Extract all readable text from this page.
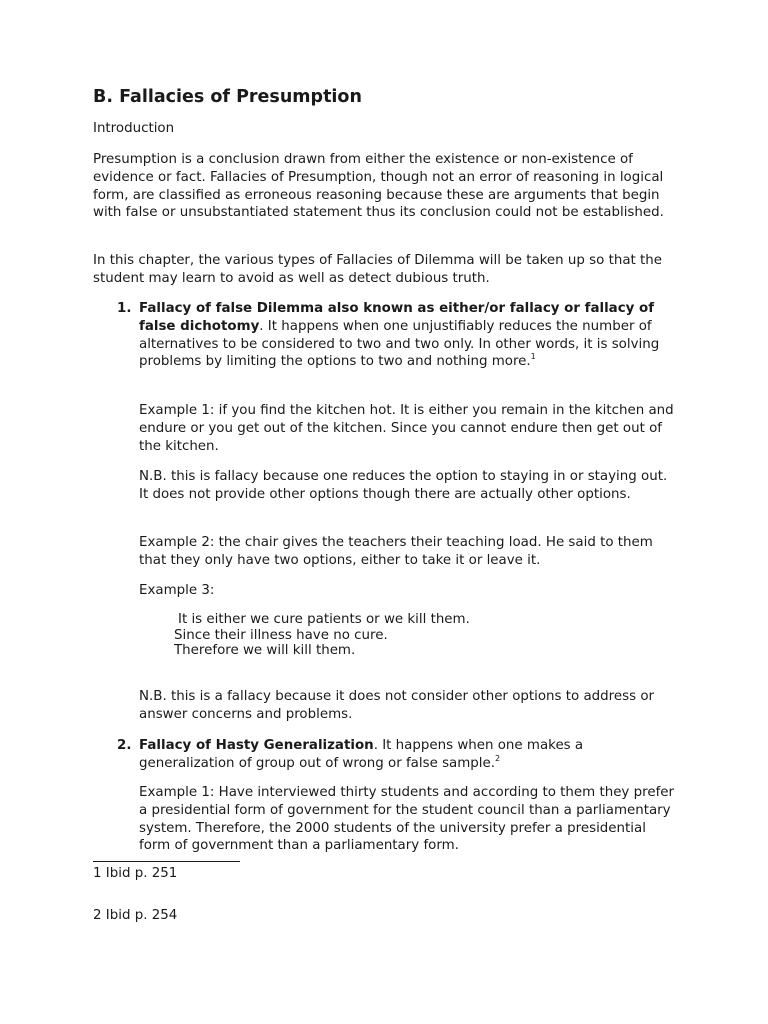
B. Fallacies of Presumption

Introduction

Presumption is a conclusion drawn from either the existence or non-existence of evidence or fact. Fallacies of Presumption, though not an error of reasoning in logical form, are classified as erroneous reasoning because these are arguments that begin with false or unsubstantiated statement thus its conclusion could not be established.

In this chapter, the various types of Fallacies of Dilemma will be taken up so that the student may learn to avoid as well as detect dubious truth.

1. Fallacy of false Dilemma also known as either/or fallacy or fallacy of false dichotomy. It happens when one unjustifiably reduces the number of alternatives to be considered to two and two only. In other words, it is solving problems by limiting the options to two and nothing more.$^1$

Example 1: if you find the kitchen hot. It is either you remain in the kitchen and endure or you get out of the kitchen. Since you cannot endure then get out of the kitchen.

N.B. this is fallacy because one reduces the option to staying in or staying out. It does not provide other options though there are actually other options.

Example 2: the chair gives the teachers their teaching load. He said to them that they only have two options, either to take it or leave it.

Example 3:

It is either we cure patients or we kill them.
Since their illness have no cure.
Therefore we will kill them.

N.B. this is a fallacy because it does not consider other options to address or answer concerns and problems.

2. Fallacy of Hasty Generalization. It happens when one makes a generalization of group out of wrong or false sample.$^2$

Example 1: Have interviewed thirty students and according to them they prefer a presidential form of government for the student council than a parliamentary system. Therefore, the 2000 students of the university prefer a presidential form of government than a parliamentary form.

1 Ibid p. 251
2 Ibid p. 254
